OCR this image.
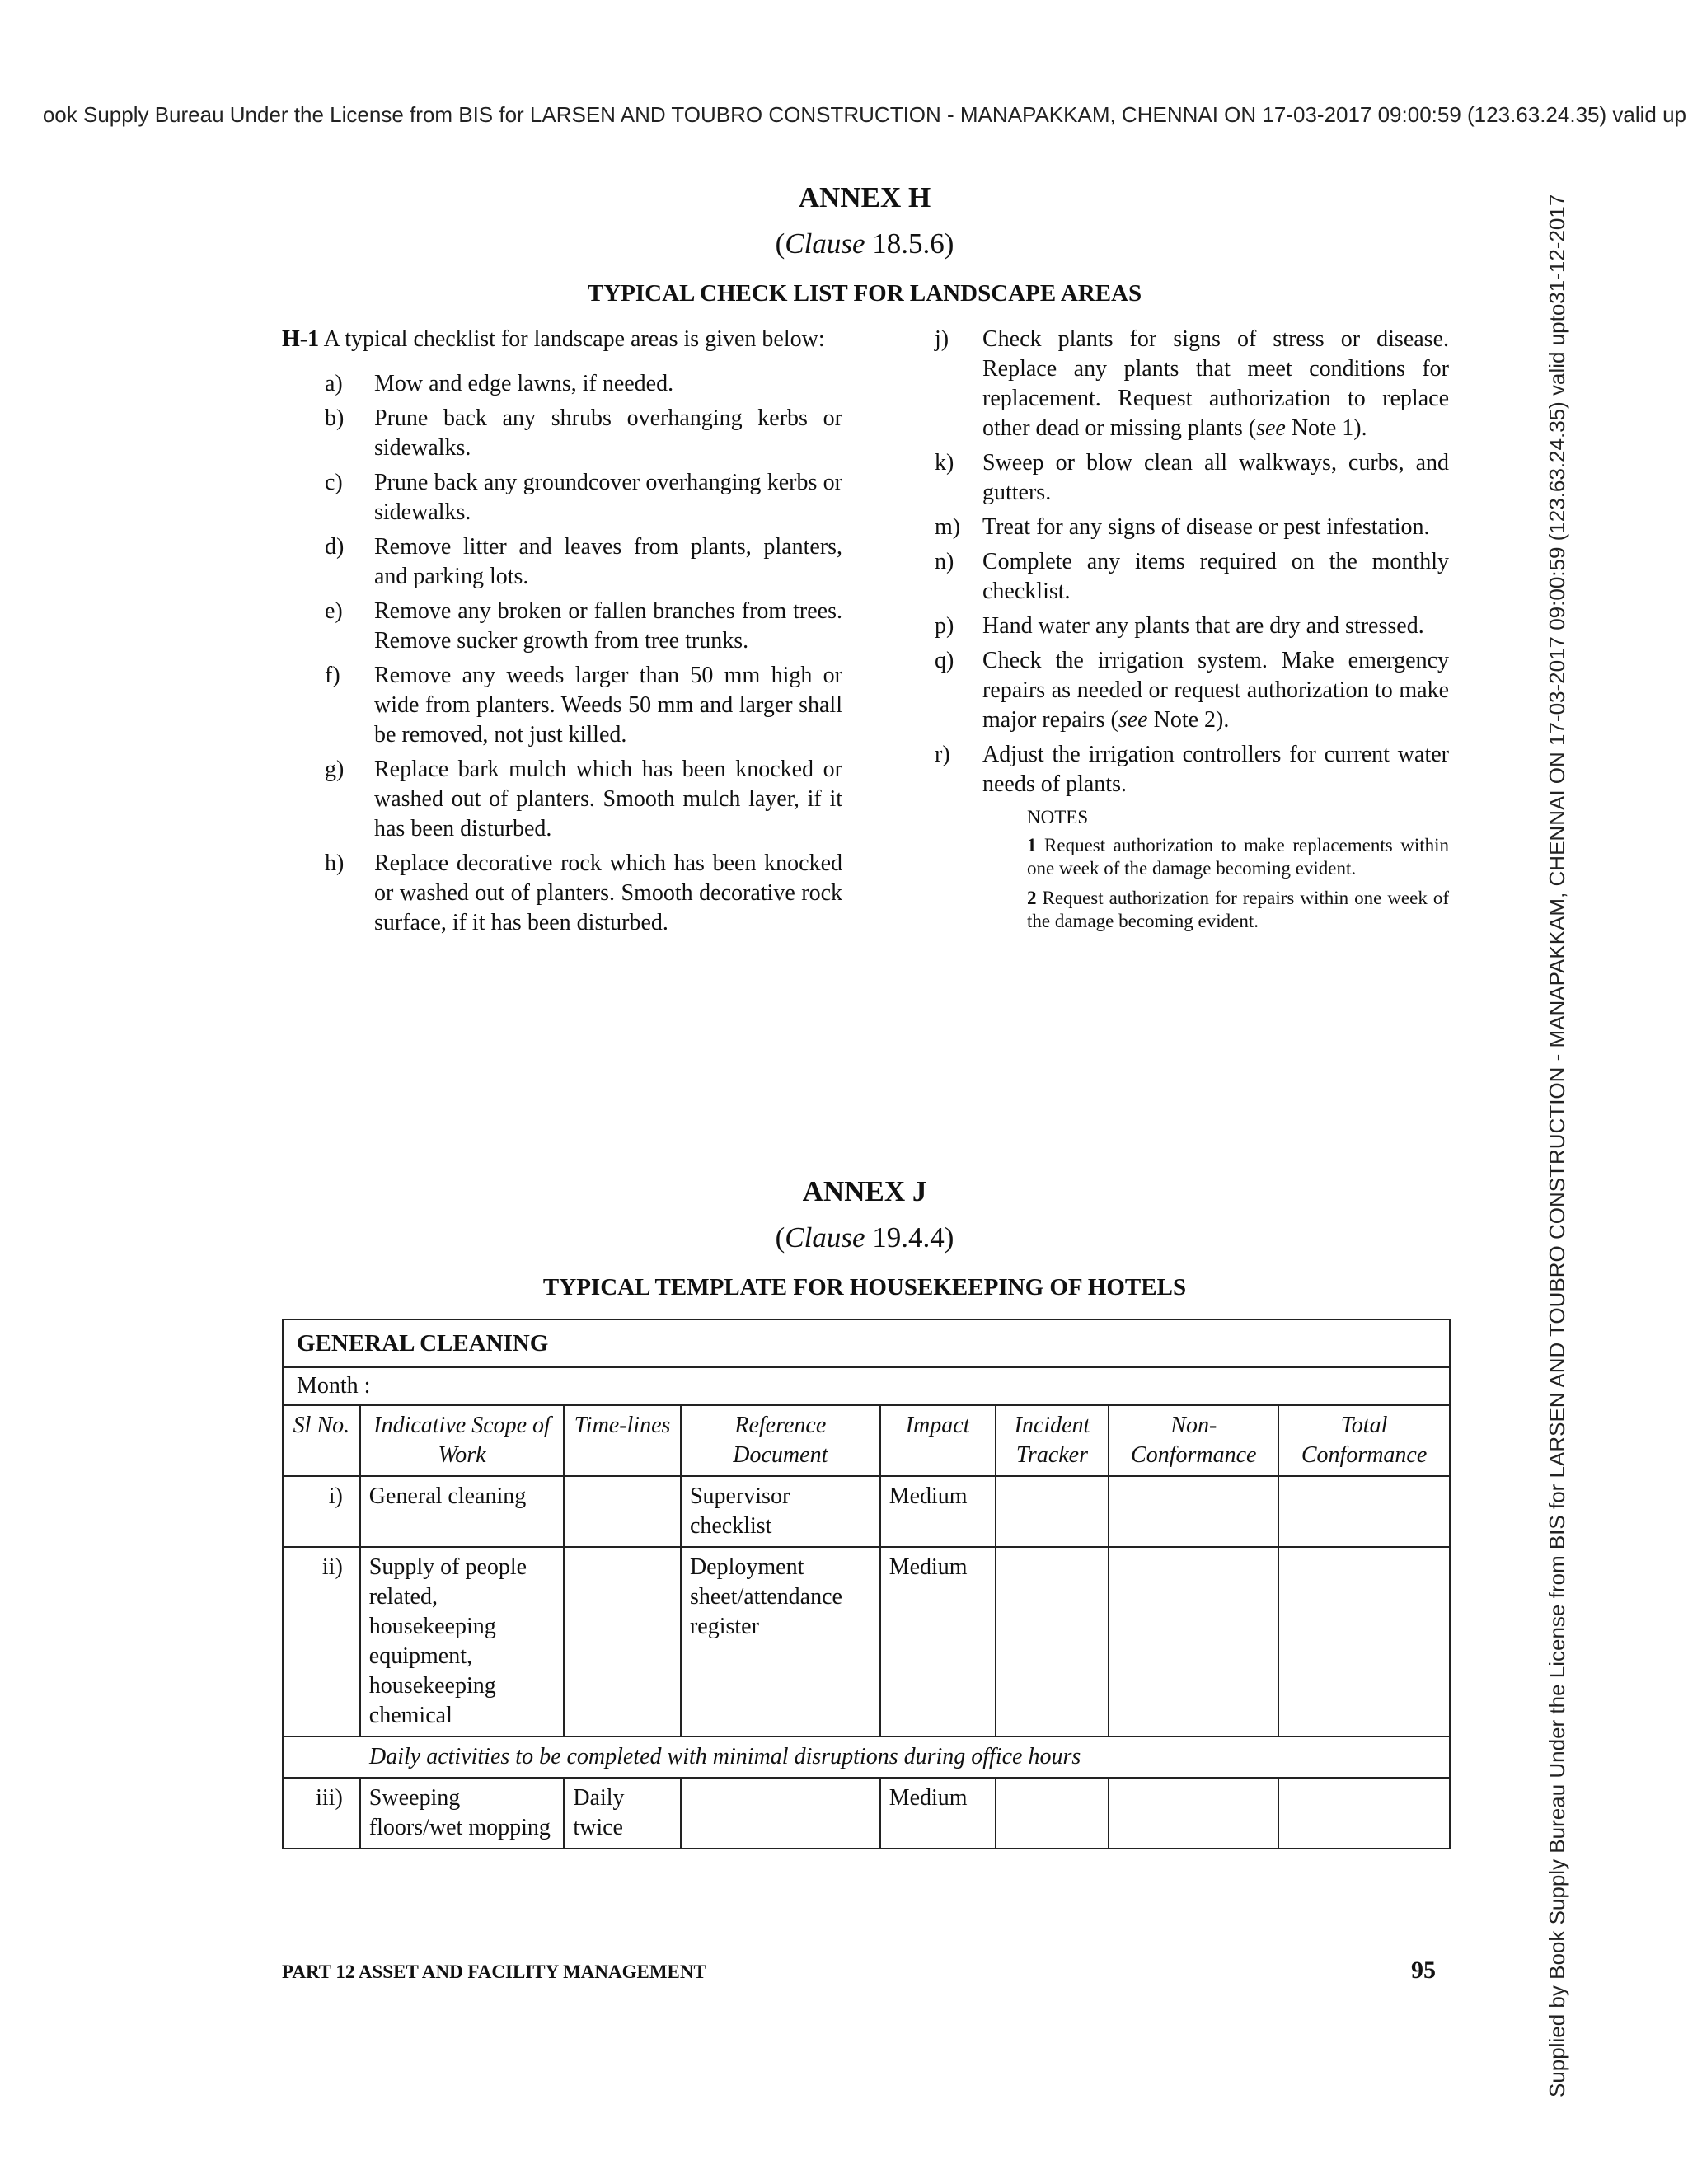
ook Supply Bureau Under the License from BIS for LARSEN AND TOUBRO CONSTRUCTION - MANAPAKKAM, CHENNAI ON 17-03-2017 09:00:59 (123.63.24.35) valid up
Supplied by Book Supply Bureau Under the License from BIS for LARSEN AND TOUBRO CONSTRUCTION - MANAPAKKAM, CHENNAI ON 17-03-2017 09:00:59 (123.63.24.35) valid upto31-12-2017
ANNEX H
(Clause 18.5.6)
TYPICAL CHECK LIST FOR LANDSCAPE AREAS

H-1 A typical checklist for landscape areas is given below:

a) Mow and edge lawns, if needed.
b) Prune back any shrubs overhanging kerbs or sidewalks.
c) Prune back any groundcover overhanging kerbs or sidewalks.
d) Remove litter and leaves from plants, planters, and parking lots.
e) Remove any broken or fallen branches from trees. Remove sucker growth from tree trunks.
f) Remove any weeds larger than 50 mm high or wide from planters. Weeds 50 mm and larger shall be removed, not just killed.
g) Replace bark mulch which has been knocked or washed out of planters. Smooth mulch layer, if it has been disturbed.
h) Replace decorative rock which has been knocked or washed out of planters. Smooth decorative rock surface, if it has been disturbed.
j) Check plants for signs of stress or disease. Replace any plants that meet conditions for replacement. Request authorization to replace other dead or missing plants (see Note 1).
k) Sweep or blow clean all walkways, curbs, and gutters.
m) Treat for any signs of disease or pest infestation.
n) Complete any items required on the monthly checklist.
p) Hand water any plants that are dry and stressed.
q) Check the irrigation system. Make emergency repairs as needed or request authorization to make major repairs (see Note 2).
r) Adjust the irrigation controllers for current water needs of plants.
NOTES
1 Request authorization to make replacements within one week of the damage becoming evident.
2 Request authorization for repairs within one week of the damage becoming evident.
ANNEX J
(Clause 19.4.4)
TYPICAL TEMPLATE FOR HOUSEKEEPING OF HOTELS
GENERAL CLEANING							
Month :							
Sl No.	Indicative Scope of Work	Time-lines	Reference Document	Impact	Incident Tracker	Non-Conformance	Total Conformance
i)	General cleaning		Supervisor checklist	Medium			
ii)	Supply of people related, housekeeping equipment, housekeeping chemical		Deployment sheet/attendance register	Medium			
Daily activities to be completed with minimal disruptions during office hours							
iii)	Sweeping floors/wet mopping	Daily twice		Medium			
PART 12 ASSET AND FACILITY MANAGEMENT	95
